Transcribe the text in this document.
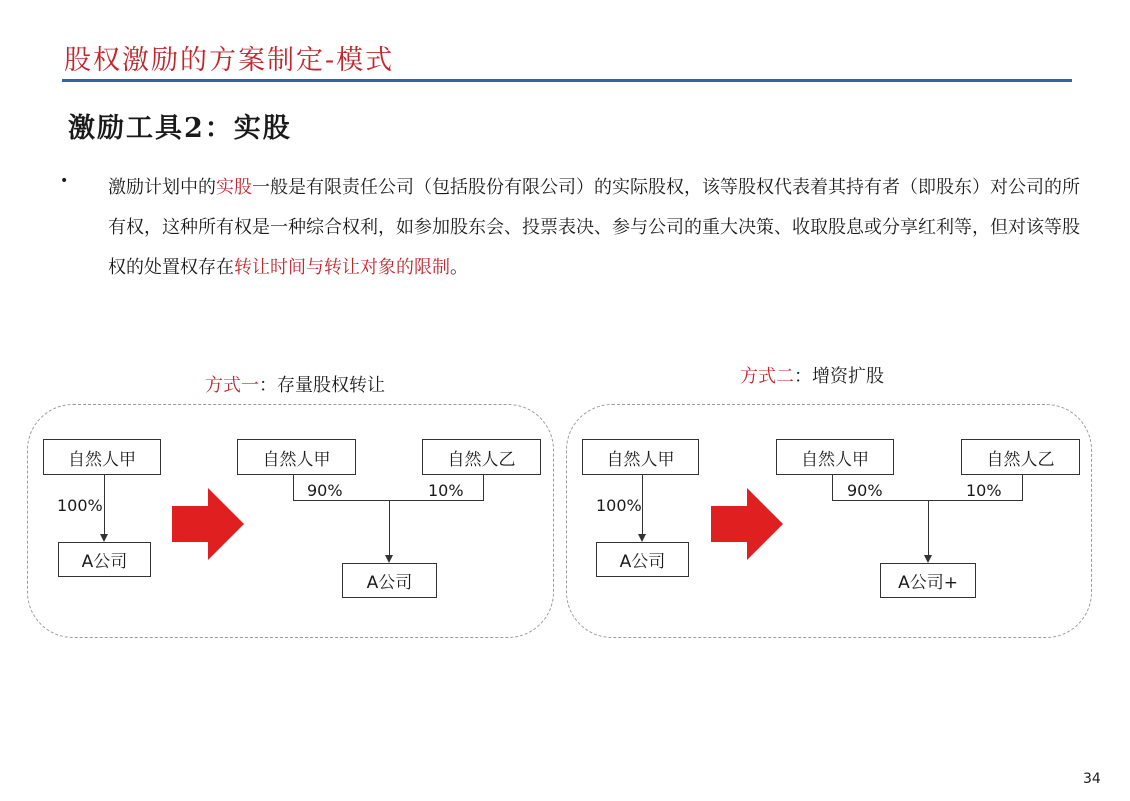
股权激励的方案制定-模式
激励工具2：实股
• 激励计划中的实股一般是有限责任公司（包括股份有限公司）的实际股权，该等股权代表着其持有者（即股东）对公司的所有权，这种所有权是一种综合权利，如参加股东会、投票表决、参与公司的重大决策、收取股息或分享红利等，但对该等股权的处置权存在转让时间与转让对象的限制。
方式一：存量股权转让
自然人甲
100%
A公司
自然人甲	自然人乙
90%	10%
A公司
方式二：增资扩股
自然人甲
100%
A公司
自然人甲	自然人乙
90%	10%
A公司+
34
